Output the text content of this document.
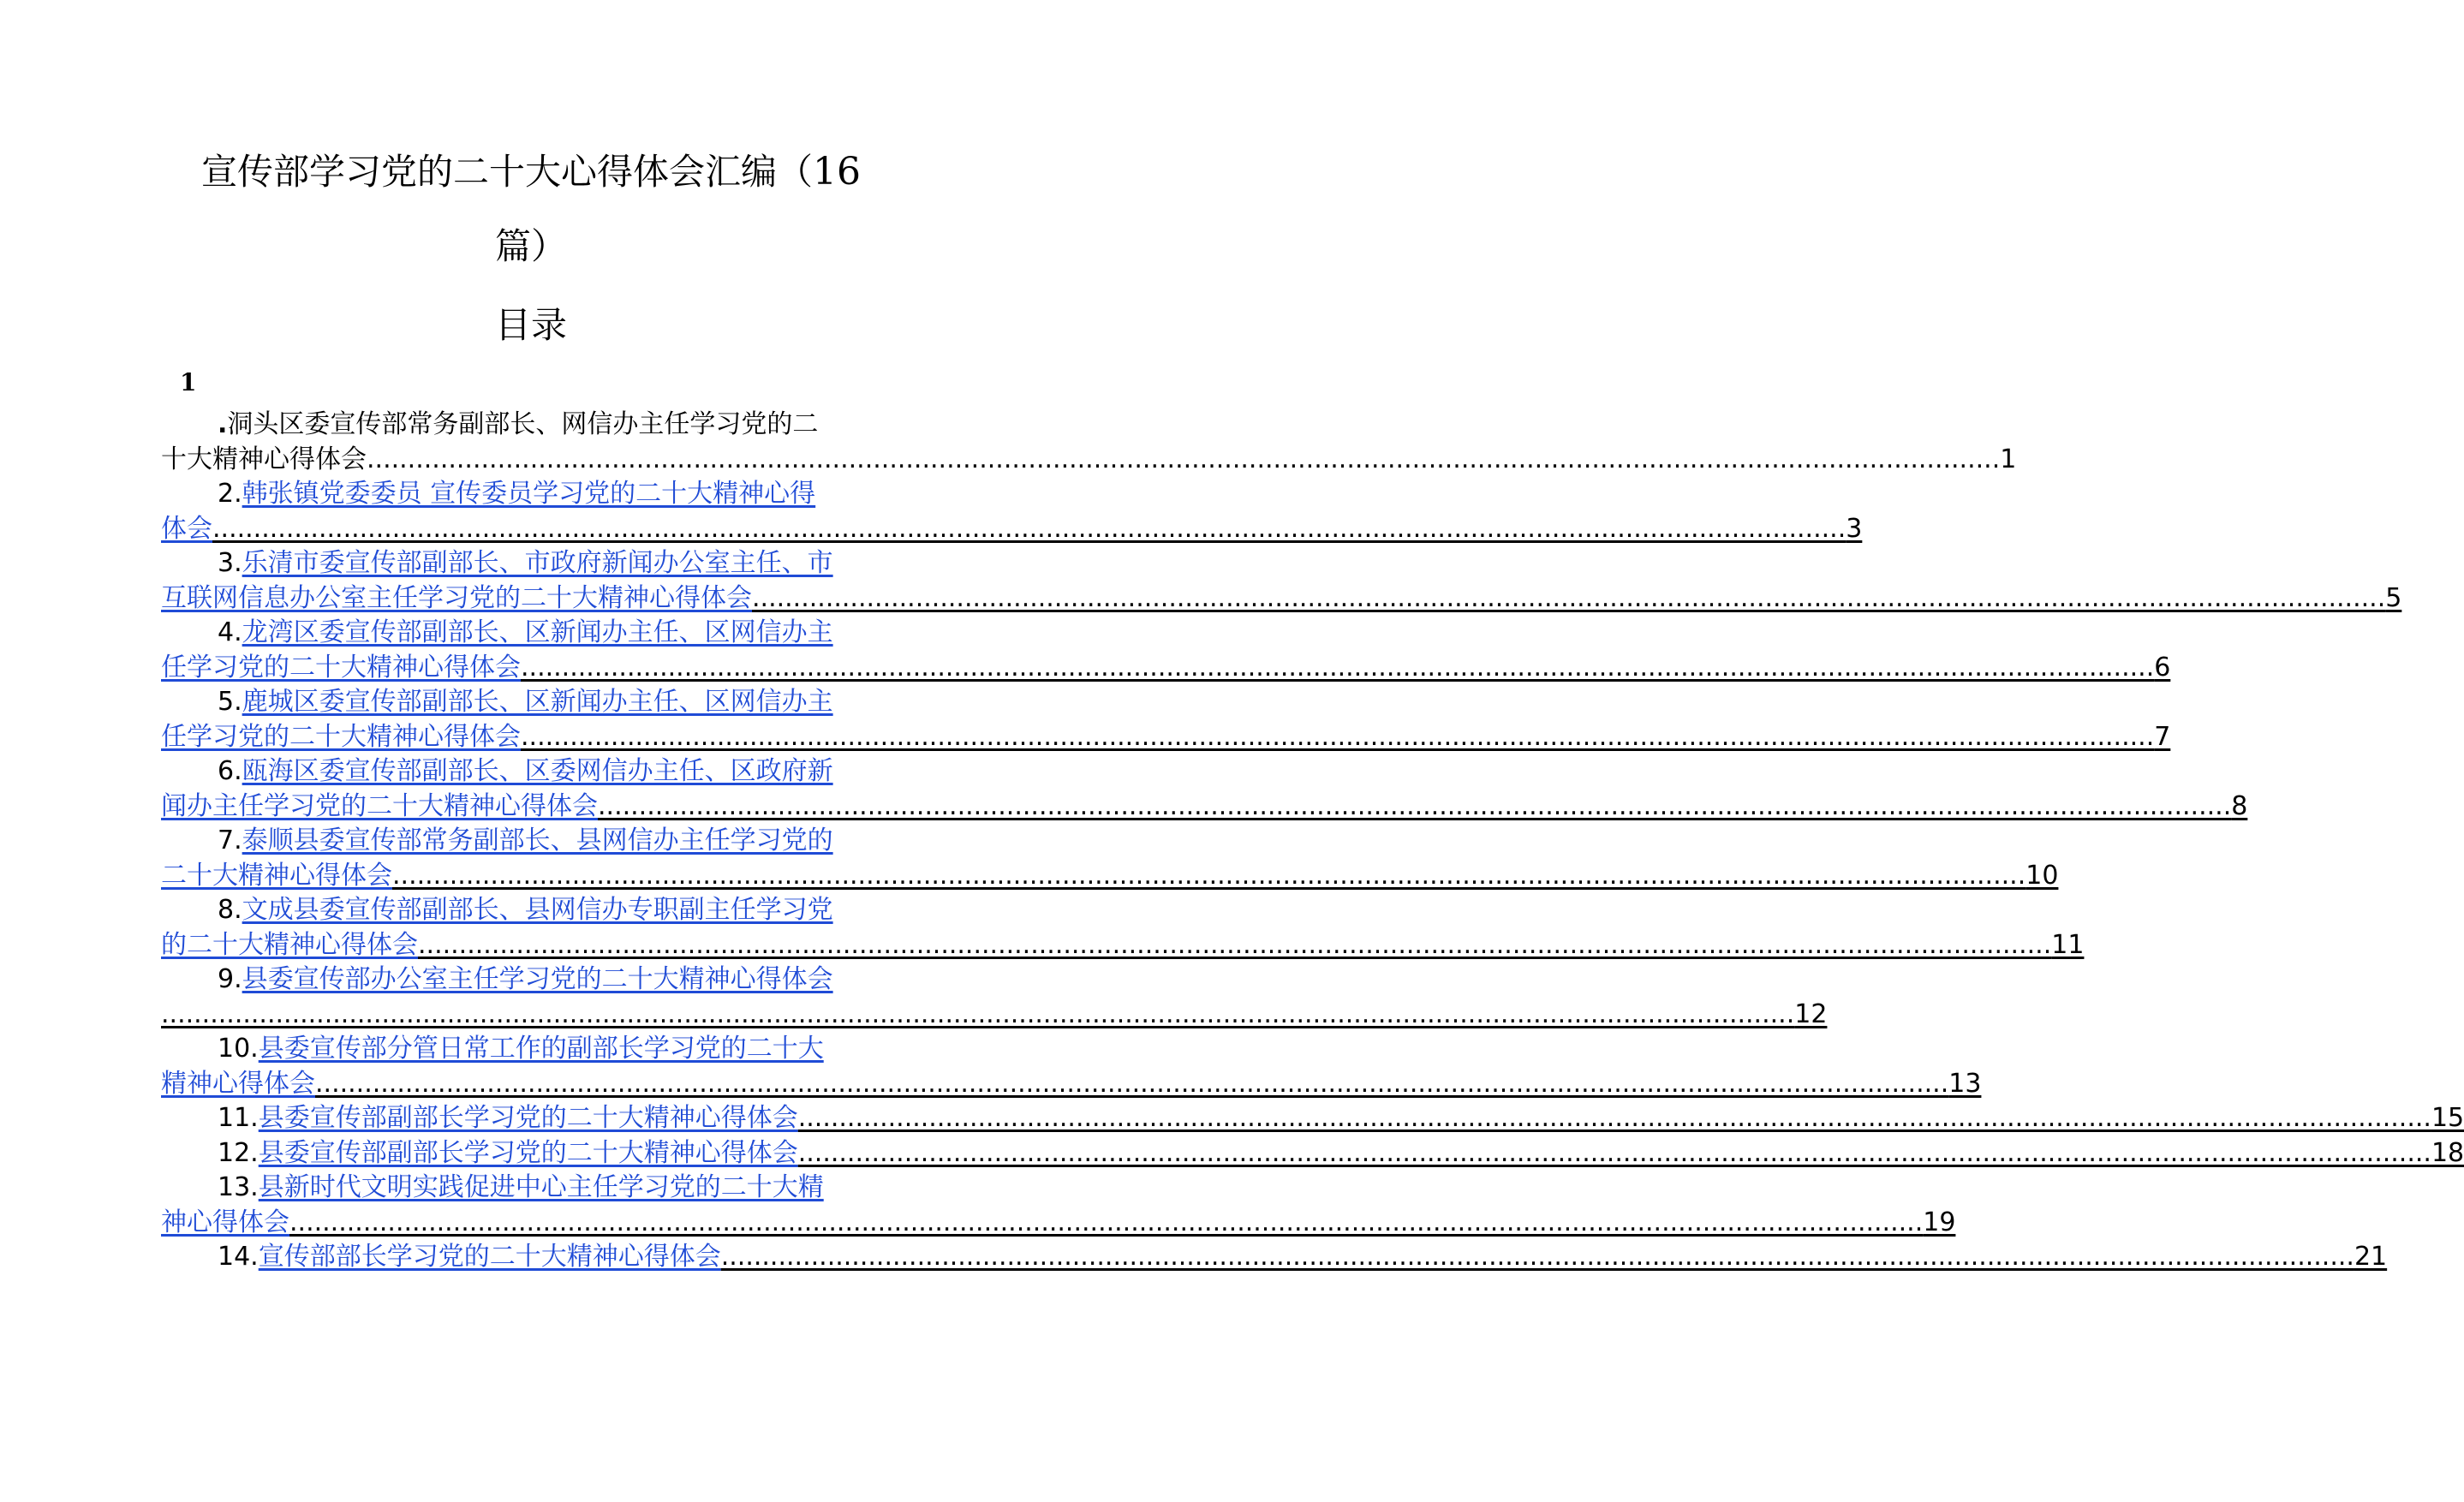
宣传部学习党的二十大心得体会汇编（16
篇）
目录
1
. 洞头区委宣传部常务副部长、网信办主任学习党的二
十大精神心得体会 ........................................................................................................................................................................................................ 1
2. 韩张镇党委委员 宣传委员学习党的二十大精神心得
体会 ........................................................................................................................................................................................................ 3
3. 乐清市委宣传部副部长、市政府新闻办公室主任、市
互联网信息办公室主任学习党的二十大精神心得体会 ........................................................................................................................................................................................................ 5
4. 龙湾区委宣传部副部长、区新闻办主任、区网信办主
任学习党的二十大精神心得体会 ........................................................................................................................................................................................................ 6
5. 鹿城区委宣传部副部长、区新闻办主任、区网信办主
任学习党的二十大精神心得体会 ........................................................................................................................................................................................................ 7
6. 瓯海区委宣传部副部长、区委网信办主任、区政府新
闻办主任学习党的二十大精神心得体会 ........................................................................................................................................................................................................ 8
7. 泰顺县委宣传部常务副部长、县网信办主任学习党的
二十大精神心得体会 ........................................................................................................................................................................................................ 10
8. 文成县委宣传部副部长、县网信办专职副主任学习党
的二十大精神心得体会 ........................................................................................................................................................................................................ 11
9. 县委宣传部办公室主任学习党的二十大精神心得体会
........................................................................................................................................................................................................ 12
10. 县委宣传部分管日常工作的副部长学习党的二十大
精神心得体会 ........................................................................................................................................................................................................ 13
11. 县委宣传部副部长学习党的二十大精神心得体会 ........................................................................................................................................................................................................ 15
12. 县委宣传部副部长学习党的二十大精神心得体会 ........................................................................................................................................................................................................ 18
13. 县新时代文明实践促进中心主任学习党的二十大精
神心得体会 ........................................................................................................................................................................................................ 19
14. 宣传部部长学习党的二十大精神心得体会 ........................................................................................................................................................................................................ 21
